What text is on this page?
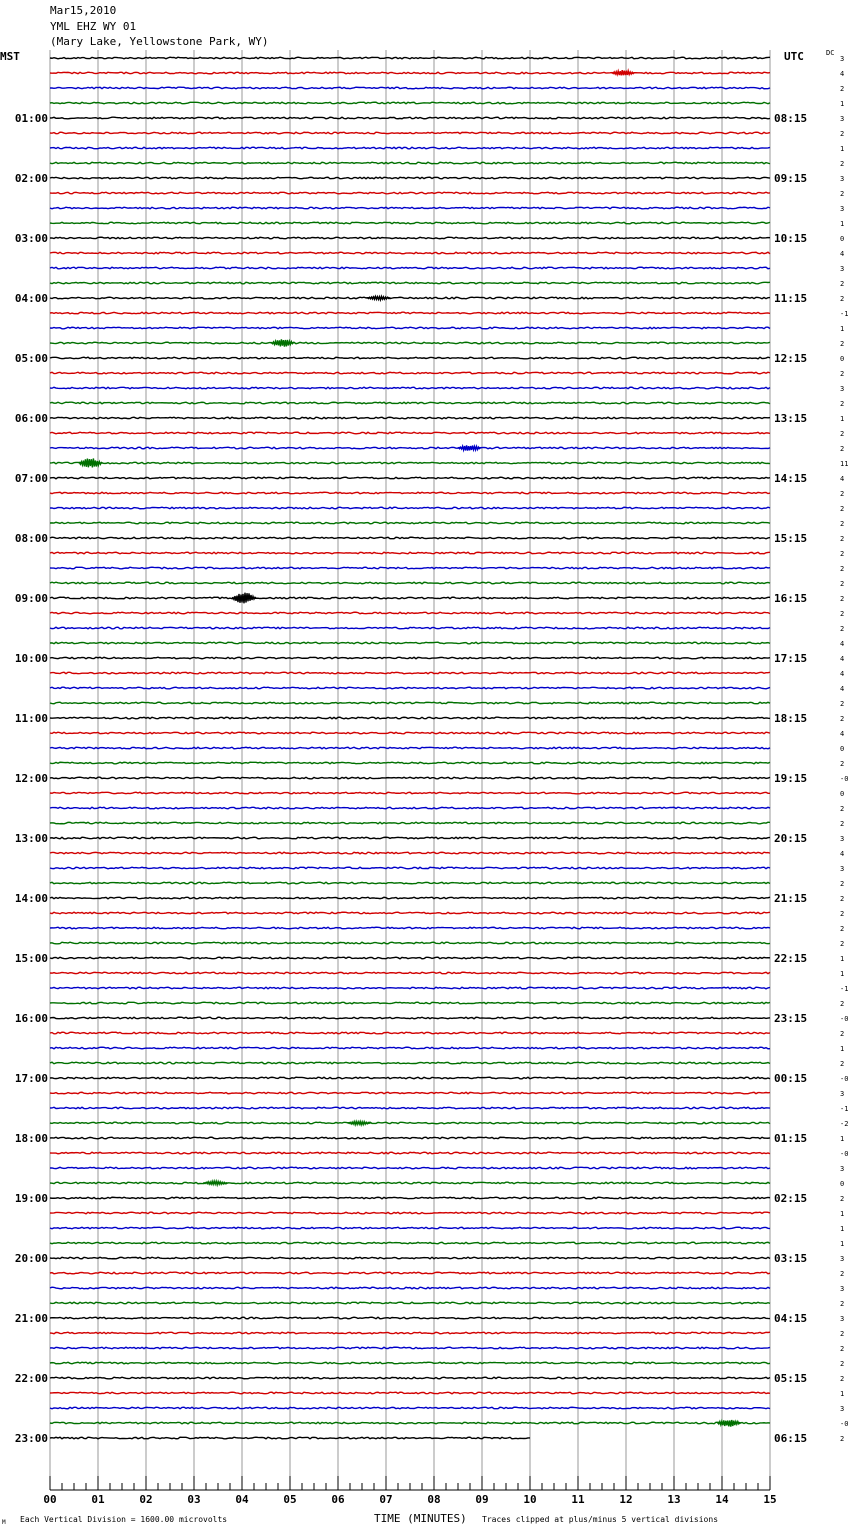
Mar15,2010
YML EHZ WY 01
(Mary Lake, Yellowstone Park, WY)
MST	UTC	DC
00	01	02	03	04	05	06	07	08	09	10	11	12	13	14	15
3
4
2
1
3
2
1
2
3
2
3
1
0
4
3
2
2
-1
1
2
0
2
3
2
1
2
2
11
4
2
2
2
2
2
2
2
2
2
2
4
4
4
4
2
2
4
0
2
-0
0
2
2
3
4
3
2
2
2
2
2
1
1
-1
2
-0
2
1
2
-0
3
-1
-2
1
-0
3
0
2
1
1
1
3
2
3
2
3
2
2
2
2
1
3
-0
2
01:00
02:00
03:00
04:00
05:00
06:00
07:00
08:00
09:00
10:00
11:00
12:00
13:00
14:00
15:00
16:00
17:00
18:00
19:00
20:00
21:00
22:00
23:00
08:15
09:15
10:15
11:15
12:15
13:15
14:15
15:15
16:15
17:15
18:15
19:15
20:15
21:15
22:15
23:15
00:15
01:15
02:15
03:15
04:15
05:15
06:15
Each Vertical Division = 1600.00 microvolts	TIME (MINUTES) Traces clipped at plus/minus 5 vertical divisions
M
